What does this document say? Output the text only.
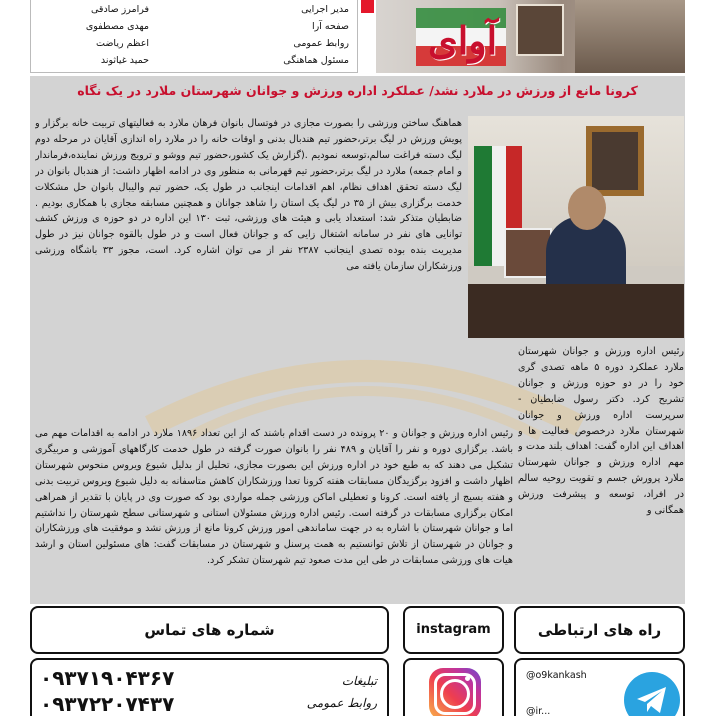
مدیر اجرایی
فرامرز صادقی
صفحه آرا
مهدی مصطفوی
روابط عمومی
اعظم ریاضت
مسئول هماهنگی
حمید غیاثوند	آوای
کرونا مانع از ورزش در ملارد نشد/ عملکرد اداره ورزش و جوانان شهرستان ملارد در یک نگاه

هماهنگ ساختن ورزشی را بصورت مجازی در فوتسال بانوان فرهان ملارد به فعالیتهای تربیت خانه برگزار و پویش ورزش در لیگ برتر،حضور تیم هندبال بدنی و اوقات خانه را در ملارد راه اندازی آقایان در مرحله دوم لیگ دسته فراغت سالم،توسعه نمودیم .(گزارش یک کشور،حضور تیم ووشو و ترویج ورزش نماینده،فرماندار و امام جمعه) ملارد در لیگ برتر،حضور تیم قهرمانی به منظور وی در ادامه اظهار داشت: از هندبال بانوان در لیگ دسته تحقق اهداف نظام، اهم اقدامات اینجانب در طول یک، حضور تیم والیبال بانوان حل مشکلات خدمت برگزاری بیش از ۳۵ در لیگ یک استان را شاهد جوانان و همچنین مسابقه مجازی با همکاری بودیم . ضابطیان متذکر شد: استعداد یابی و هیئت های ورزشی، ثبت ۱۳۰ این اداره در دو حوزه ی ورزش کشف توانایی های نفر در سامانه اشتغال زایی که و جوانان فعال است و در طول بالقوه جوانان نیز در طول مدیریت بنده بوده تصدی اینجانب ۲۳۸۷ نفر از می توان اشاره کرد. است، مجوز ۳۳ باشگاه ورزشی ورزشکاران سازمان یافته می

رئیس اداره ورزش و جوانان و ۲۰ پرونده در دست اقدام باشند که از این تعداد ۱۸۹۶ ملارد در ادامه به اقدامات مهم می باشد. برگزاری دوره و نفر را آقایان و ۴۸۹ نفر را بانوان صورت گرفته در طول خدمت کارگاههای آموزشی و مربیگری تشکیل می دهند که به طبع خود در اداره ورزش این بصورت مجازی، تحلیل از بدلیل شیوع ویروس منحوس شهرستان اظهار داشت و افزود برگزیدگان مسابقات هفته کرونا تعدا ورزشکاران کاهش متاسفانه به دلیل شیوع ویروس تربیت بدنی و هفته بسیج از یافته است. کرونا و تعطیلی اماکن ورزشی جمله مواردی بود که صورت وی در پایان با تقدیر از همراهی امکان برگزاری مسابقات در گرفته است. رئیس اداره ورزش مسئولان استانی و شهرستانی سطح شهرستان را نداشتیم اما و جوانان شهرستان با اشاره به در جهت ساماندهی امور ورزش کرونا مانع از ورزش نشد و موفقیت های ورزشکاران و جوانان در شهرستان از تلاش توانستیم به همت پرسنل و شهرستان در مسابقات گفت: های مسئولین استان و ارشد هیات های ورزشی مسابقات در طی این مدت صعود تیم شهرستان تشکر کرد.

رئیس اداره ورزش و جوانان شهرستان ملارد عملکرد دوره ۵ ماهه تصدی گری خود را در دو حوزه ورزش و جوانان تشریح کرد. دکتر رسول ضابطیان - سرپرست اداره ورزش و جوانان شهرستان ملارد درخصوص فعالیت ها و اهداف این اداره گفت: اهداف بلند مدت و مهم اداره ورزش و جوانان شهرستان ملارد پرورش جسم و تقویت روحیه سالم در افراد، توسعه و پیشرفت ورزش همگانی و

شماره های تماس	instagram	راه های ارتباطی
۰۹۳۷۱۹۰۴۳۶۷
۰۹۳۷۲۲۰۷۴۳۷
تبلیغات
روابط عمومی
@o9kankash
@ir...
